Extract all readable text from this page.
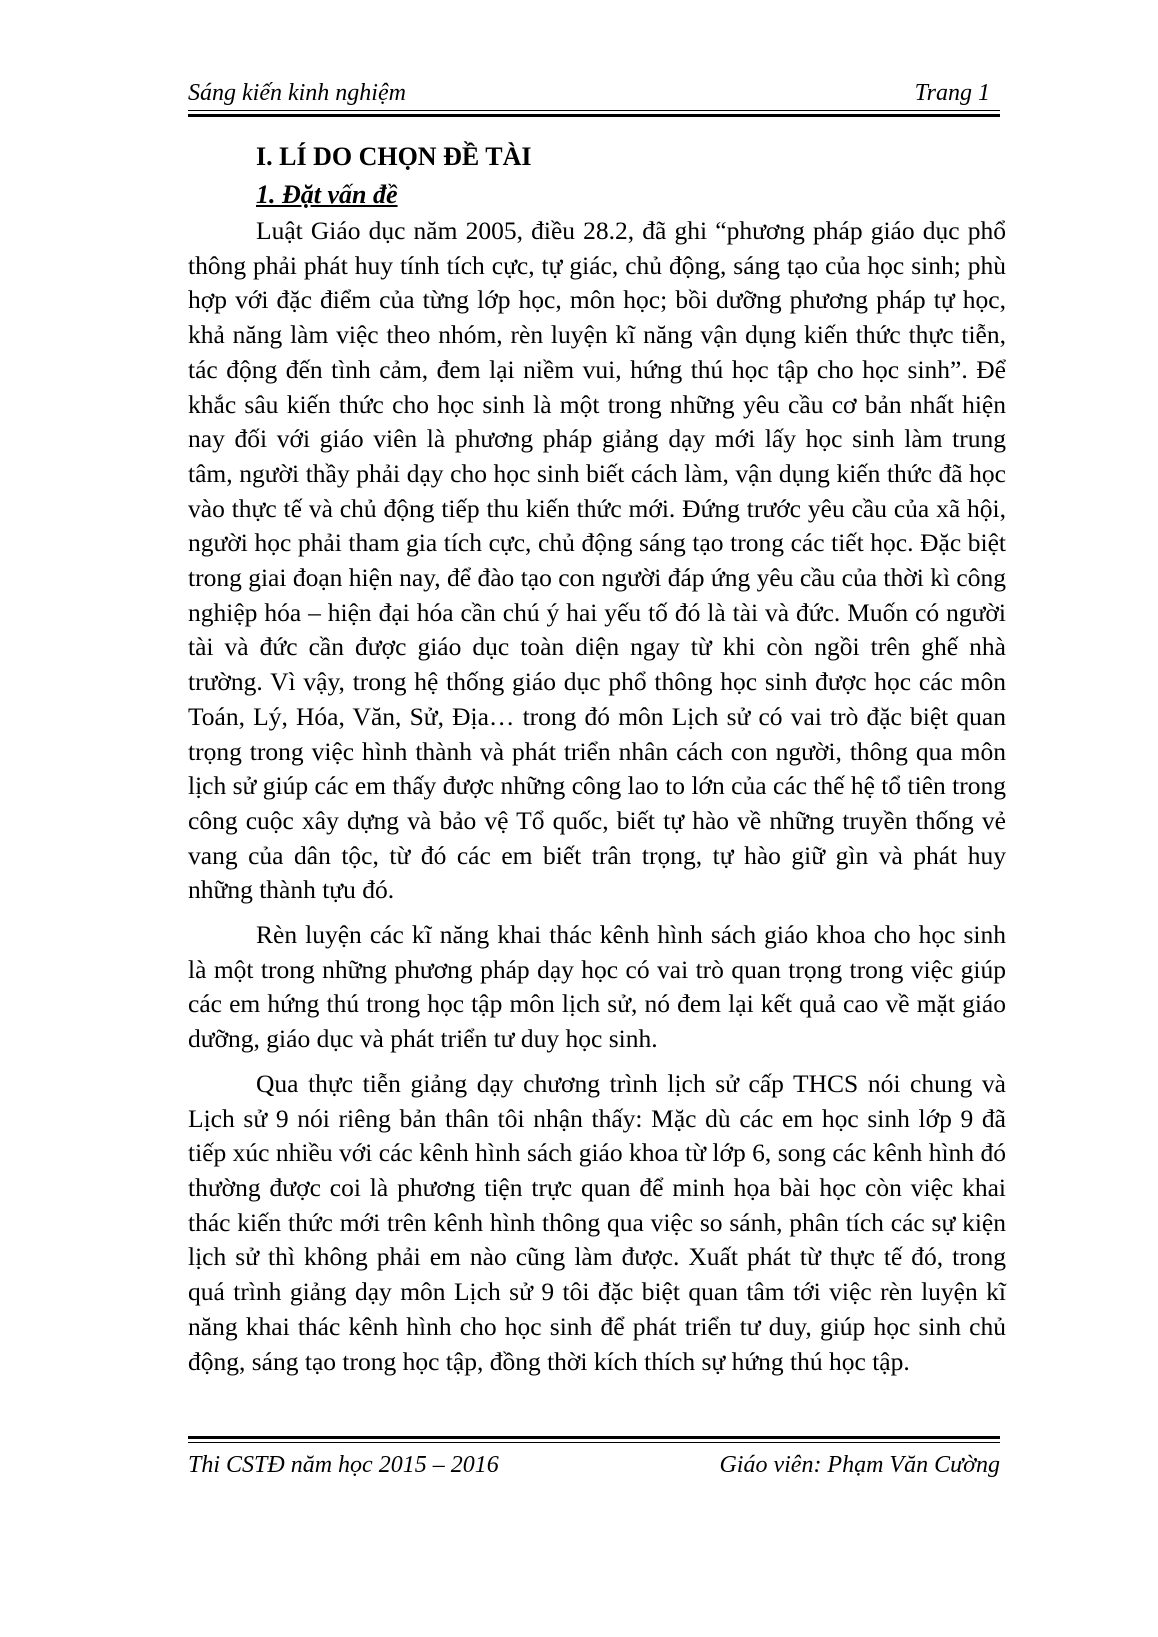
Sáng kiến kinh nghiệm	Trang 1
I. LÍ DO CHỌN ĐỀ TÀI
1. Đặt vấn đề

Luật Giáo dục năm 2005, điều 28.2, đã ghi “phương pháp giáo dục phổ thông phải phát huy tính tích cực, tự giác, chủ động, sáng tạo của học sinh; phù hợp với đặc điểm của từng lớp học, môn học; bồi dưỡng phương pháp tự học, khả năng làm việc theo nhóm, rèn luyện kĩ năng vận dụng kiến thức thực tiễn, tác động đến tình cảm, đem lại niềm vui, hứng thú học tập cho học sinh”. Để khắc sâu kiến thức cho học sinh là một trong những yêu cầu cơ bản nhất hiện nay đối với giáo viên là phương pháp giảng dạy mới lấy học sinh làm trung tâm, người thầy phải dạy cho học sinh biết cách làm, vận dụng kiến thức đã học vào thực tế và chủ động tiếp thu kiến thức mới. Đứng trước yêu cầu của xã hội, người học phải tham gia tích cực, chủ động sáng tạo trong các tiết học. Đặc biệt trong giai đoạn hiện nay, để đào tạo con người đáp ứng yêu cầu của thời kì công nghiệp hóa – hiện đại hóa cần chú ý hai yếu tố đó là tài và đức. Muốn có người tài và đức cần được giáo dục toàn diện ngay từ khi còn ngồi trên ghế nhà trường. Vì vậy, trong hệ thống giáo dục phổ thông học sinh được học các môn Toán, Lý, Hóa, Văn, Sử, Địa… trong đó môn Lịch sử có vai trò đặc biệt quan trọng trong việc hình thành và phát triển nhân cách con người, thông qua môn lịch sử giúp các em thấy được những công lao to lớn của các thế hệ tổ tiên trong công cuộc xây dựng và bảo vệ Tổ quốc, biết tự hào về những truyền thống vẻ vang của dân tộc, từ đó các em biết trân trọng, tự hào giữ gìn và phát huy những thành tựu đó.

Rèn luyện các kĩ năng khai thác kênh hình sách giáo khoa cho học sinh là một trong những phương pháp dạy học có vai trò quan trọng trong việc giúp các em hứng thú trong học tập môn lịch sử, nó đem lại kết quả cao về mặt giáo dưỡng, giáo dục và phát triển tư duy học sinh.

Qua thực tiễn giảng dạy chương trình lịch sử cấp THCS nói chung và Lịch sử 9 nói riêng bản thân tôi nhận thấy: Mặc dù các em học sinh lớp 9 đã tiếp xúc nhiều với các kênh hình sách giáo khoa từ lớp 6, song các kênh hình đó thường được coi là phương tiện trực quan để minh họa bài học còn việc khai thác kiến thức mới trên kênh hình thông qua việc so sánh, phân tích các sự kiện lịch sử thì không phải em nào cũng làm được. Xuất phát từ thực tế đó, trong quá trình giảng dạy môn Lịch sử 9 tôi đặc biệt quan tâm tới việc rèn luyện kĩ năng khai thác kênh hình cho học sinh để phát triển tư duy, giúp học sinh chủ động, sáng tạo trong học tập, đồng thời kích thích sự hứng thú học tập.

Thi CSTĐ năm học 2015 – 2016	Giáo viên: Phạm Văn Cường
